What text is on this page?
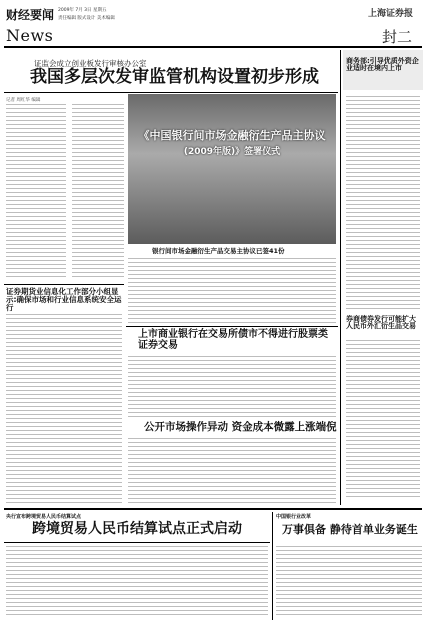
财经要闻
News
2009年 7月 3日 星期五
责任编辑 版式设计 美术编辑	上海证券报
封二
证监会成立创业板发行审核办公室
我国多层次发审监管机构设置初步形成
记者 周红华 编辑
《中国银行间市场金融衍生产品主协议
(2009年版)》签署仪式
银行间市场金融衍生产品交易主协议已签41份
商务部:引导优质外资企业适时在境内上市
券商债券发行可能扩大 人民币外汇衍生品交易
证券期货业信息化工作部分小组显示:确保市场和行业信息系统安全运行
上市商业银行在交易所债市不得进行股票类证券交易
公开市场操作异动 资金成本微露上涨端倪
央行宣布跨境贸易人民币结算试点
跨境贸易人民币结算试点正式启动
中国银行业改革
万事俱备 静待首单业务诞生
